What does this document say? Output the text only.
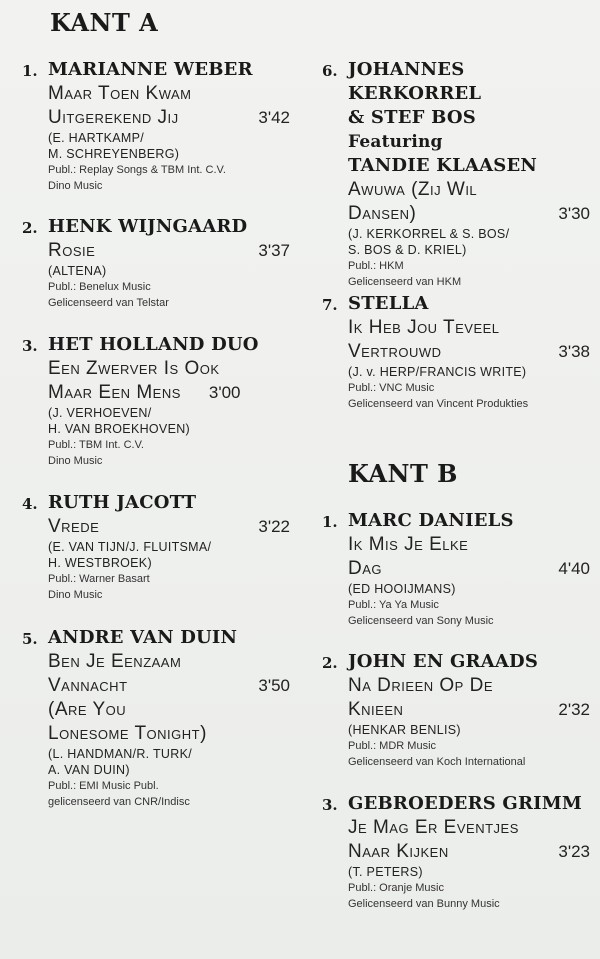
KANT A
1. MARIANNE WEBER
Maar Toen Kwam
Uitgerekend Jij	3'42
(E. HARTKAMP/
M. SCHREYENBERG)
Publ.: Replay Songs & TBM Int. C.V.
Dino Music
2. HENK WIJNGAARD
Rosie	3'37
(ALTENA)
Publ.: Benelux Music
Gelicenseerd van Telstar
3. HET HOLLAND DUO
Een Zwerver Is Ook
Maar Een Mens 3'00
(J. VERHOEVEN/
H. VAN BROEKHOVEN)
Publ.: TBM Int. C.V.
Dino Music
4. RUTH JACOTT
Vrede	3'22
(E. VAN TIJN/J. FLUITSMA/
H. WESTBROEK)
Publ.: Warner Basart
Dino Music
5. ANDRE VAN DUIN
Ben Je Eenzaam
Vannacht	3'50
(Are You
Lonesome Tonight)
(L. HANDMAN/R. TURK/
A. VAN DUIN)
Publ.: EMI Music Publ.
gelicenseerd van CNR/Indisc
6. JOHANNES KERKORREL
& STEF BOS
Featuring
TANDIE KLAASEN
Awuwa (Zij Wil
Dansen)	3'30
(J. KERKORREL & S. BOS/
S. BOS & D. KRIEL)
Publ.: HKM
Gelicenseerd van HKM
7. STELLA
Ik Heb Jou Teveel
Vertrouwd	3'38
(J. v. HERP/FRANCIS WRITE)
Publ.: VNC Music
Gelicenseerd van Vincent Produkties
KANT B
1. MARC DANIELS
Ik Mis Je Elke
Dag	4'40
(ED HOOIJMANS)
Publ.: Ya Ya Music
Gelicenseerd van Sony Music
2. JOHN EN GRAADS
Na Drieen Op De
Knieen	2'32
(HENKAR BENLIS)
Publ.: MDR Music
Gelicenseerd van Koch International
3. GEBROEDERS GRIMM
Je Mag Er Eventjes
Naar Kijken	3'23
(T. PETERS)
Publ.: Oranje Music
Gelicenseerd van Bunny Music
